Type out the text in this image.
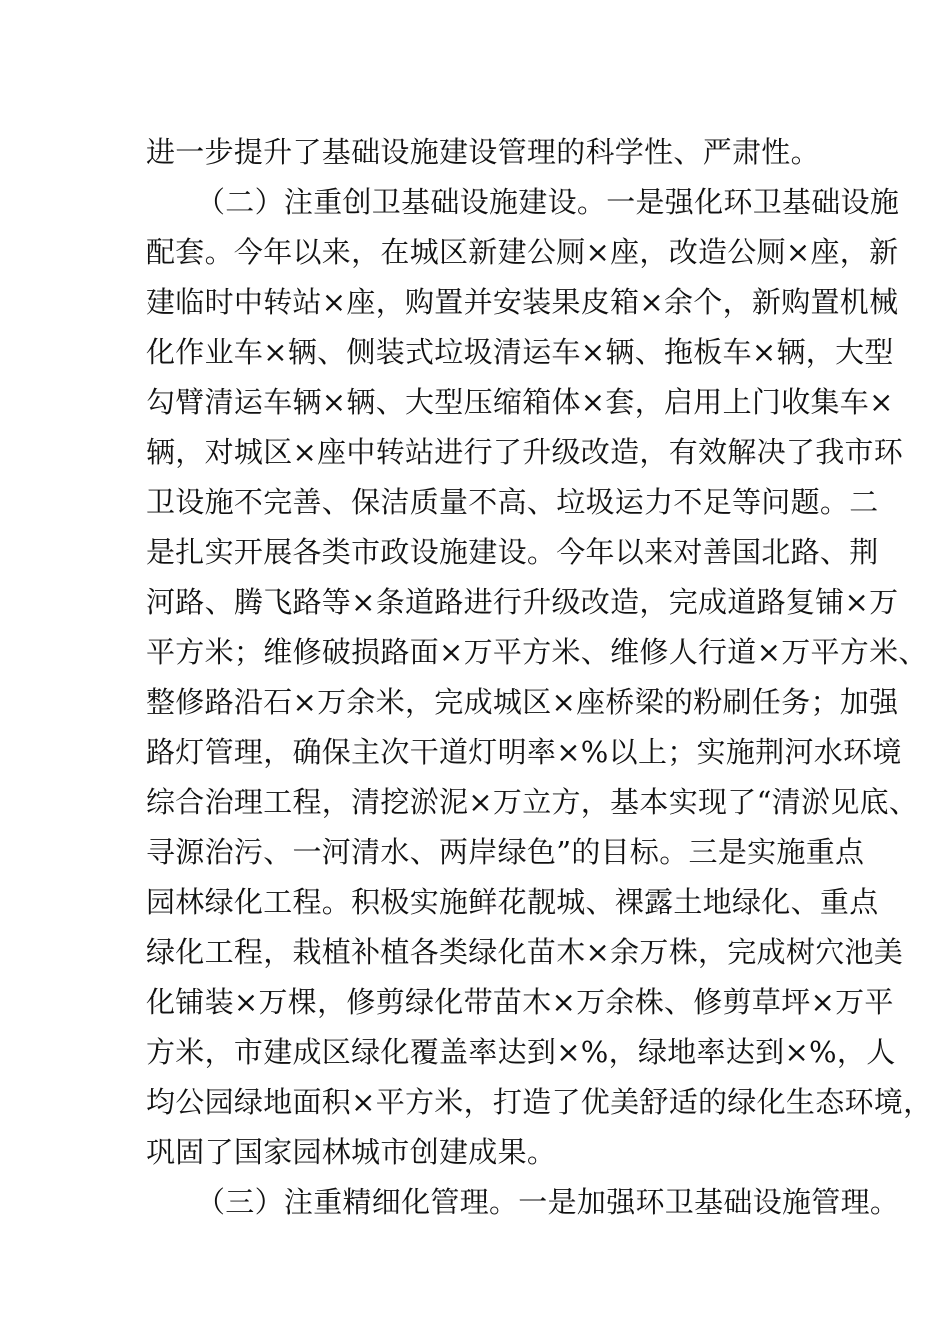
进一步提升了基础设施建设管理的科学性、严肃性。
（二）注重创卫基础设施建设。一是强化环卫基础设施
配套。今年以来，在城区新建公厕×座，改造公厕×座，新
建临时中转站×座，购置并安装果皮箱×余个，新购置机械
化作业车×辆、侧装式垃圾清运车×辆、拖板车×辆，大型
勾臂清运车辆×辆、大型压缩箱体×套，启用上门收集车×
辆，对城区×座中转站进行了升级改造，有效解决了我市环
卫设施不完善、保洁质量不高、垃圾运力不足等问题。二
是扎实开展各类市政设施建设。今年以来对善国北路、荆
河路、腾飞路等×条道路进行升级改造，完成道路复铺×万
平方米；维修破损路面×万平方米、维修人行道×万平方米、
整修路沿石×万余米，完成城区×座桥梁的粉刷任务；加强
路灯管理，确保主次干道灯明率×%以上；实施荆河水环境
综合治理工程，清挖淤泥×万立方，基本实现了“清淤见底、
寻源治污、一河清水、两岸绿色”的目标。三是实施重点
园林绿化工程。积极实施鲜花靓城、裸露土地绿化、重点
绿化工程，栽植补植各类绿化苗木×余万株，完成树穴池美
化铺装×万棵，修剪绿化带苗木×万余株、修剪草坪×万平
方米，市建成区绿化覆盖率达到×%，绿地率达到×%，人
均公园绿地面积×平方米，打造了优美舒适的绿化生态环境，
巩固了国家园林城市创建成果。
（三）注重精细化管理。一是加强环卫基础设施管理。
